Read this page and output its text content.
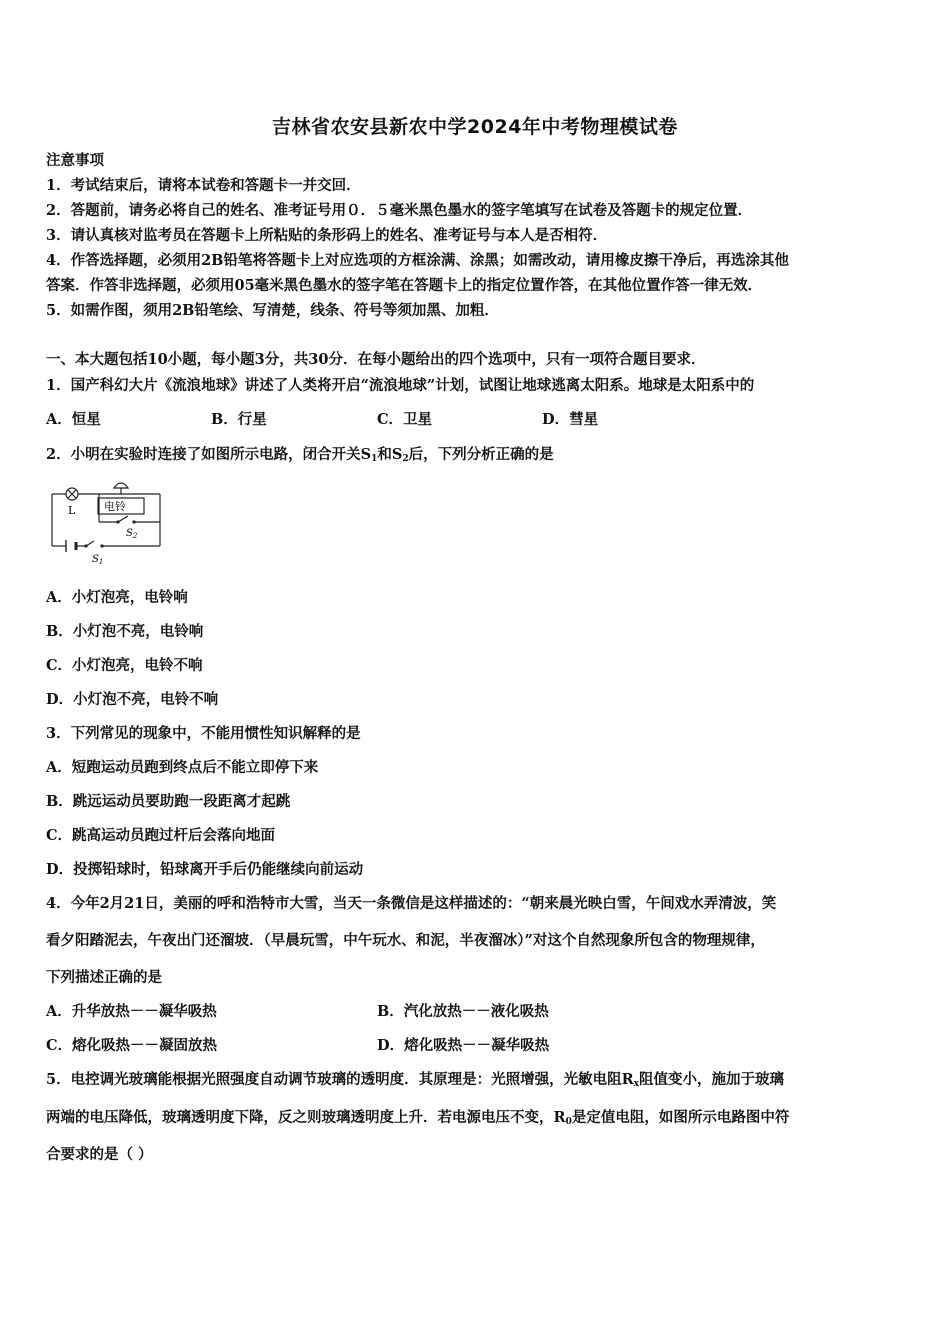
吉林省农安县新农中学2024年中考物理模试卷
注意事项
1．考试结束后，请将本试卷和答题卡一并交回．
2．答题前，请务必将自己的姓名、准考证号用０．５毫米黑色墨水的签字笔填写在试卷及答题卡的规定位置．
3．请认真核对监考员在答题卡上所粘贴的条形码上的姓名、准考证号与本人是否相符．
4．作答选择题，必须用2B铅笔将答题卡上对应选项的方框涂满、涂黑；如需改动，请用橡皮擦干净后，再选涂其他
答案．作答非选择题，必须用05毫米黑色墨水的签字笔在答题卡上的指定位置作答，在其他位置作答一律无效．
5．如需作图，须用2B铅笔绘、写清楚，线条、符号等须加黑、加粗．
一、本大题包括10小题，每小题3分，共30分．在每小题给出的四个选项中，只有一项符合题目要求．
1．国产科幻大片《流浪地球》讲述了人类将开启“流浪地球”计划，试图让地球逃离太阳系。地球是太阳系中的
A．恒星	B．行星	C．卫星	D．彗星
2．小明在实验时连接了如图所示电路，闭合开关$S_1$和$S_2$后，下列分析正确的是
L	电铃
$S_2$
$S_1$
A．小灯泡亮，电铃响
B．小灯泡不亮，电铃响
C．小灯泡亮，电铃不响
D．小灯泡不亮，电铃不响
3．下列常见的现象中，不能用惯性知识解释的是
A．短跑运动员跑到终点后不能立即停下来
B．跳远运动员要助跑一段距离才起跳
C．跳高运动员跑过杆后会落向地面
D．投掷铅球时，铅球离开手后仍能继续向前运动
4．今年2月21日，美丽的呼和浩特市大雪，当天一条微信是这样描述的：“朝来晨光映白雪，午间戏水弄清波，笑
看夕阳踏泥去，午夜出门还溜坡．（早晨玩雪，中午玩水、和泥，半夜溜冰）”对这个自然现象所包含的物理规律，
下列描述正确的是
A．升华放热－－凝华吸热	B．汽化放热－－液化吸热
C．熔化吸热－－凝固放热	D．熔化吸热－－凝华吸热
5．电控调光玻璃能根据光照强度自动调节玻璃的透明度．其原理是：光照增强，光敏电阻$R_x$阻值变小，施加于玻璃
两端的电压降低，玻璃透明度下降，反之则玻璃透明度上升．若电源电压不变，$R_0$是定值电阻，如图所示电路图中符
合要求的是（ ）
